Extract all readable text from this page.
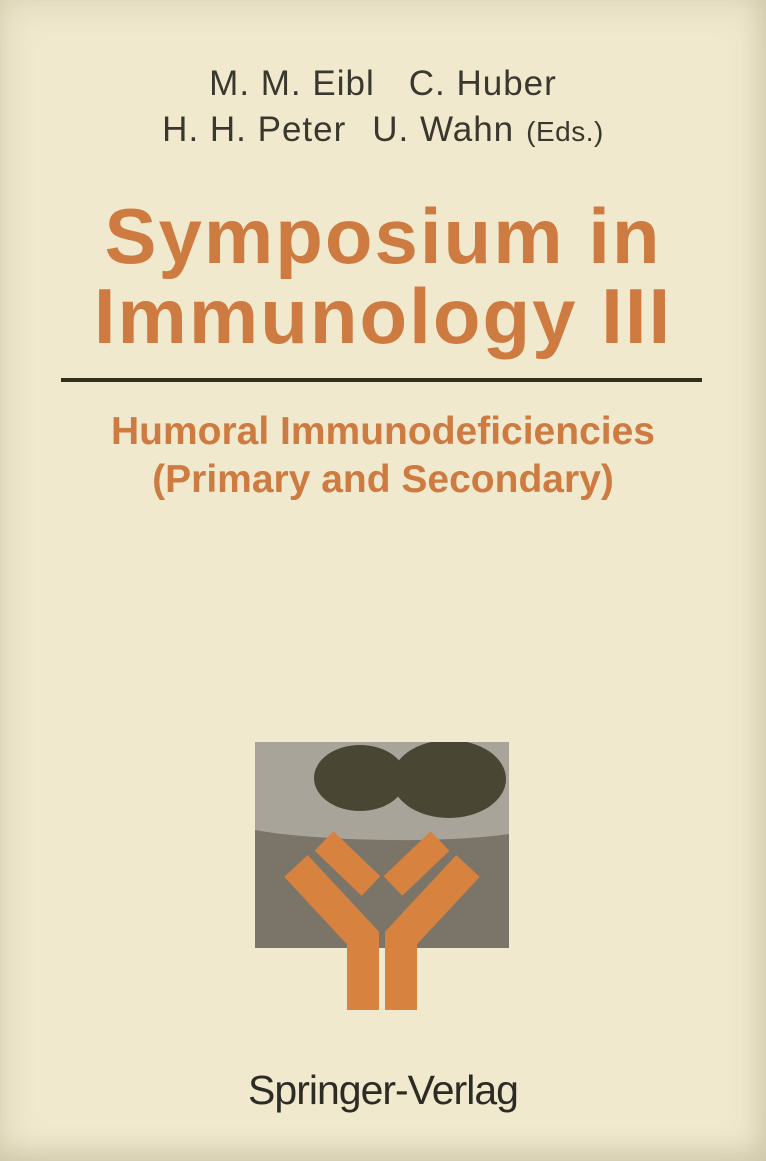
M. M. Eibl C. Huber
H. H. Peter U. Wahn (Eds.)
Symposium in
Immunology III
Humoral Immunodeficiencies
(Primary and Secondary)
Springer-Verlag
